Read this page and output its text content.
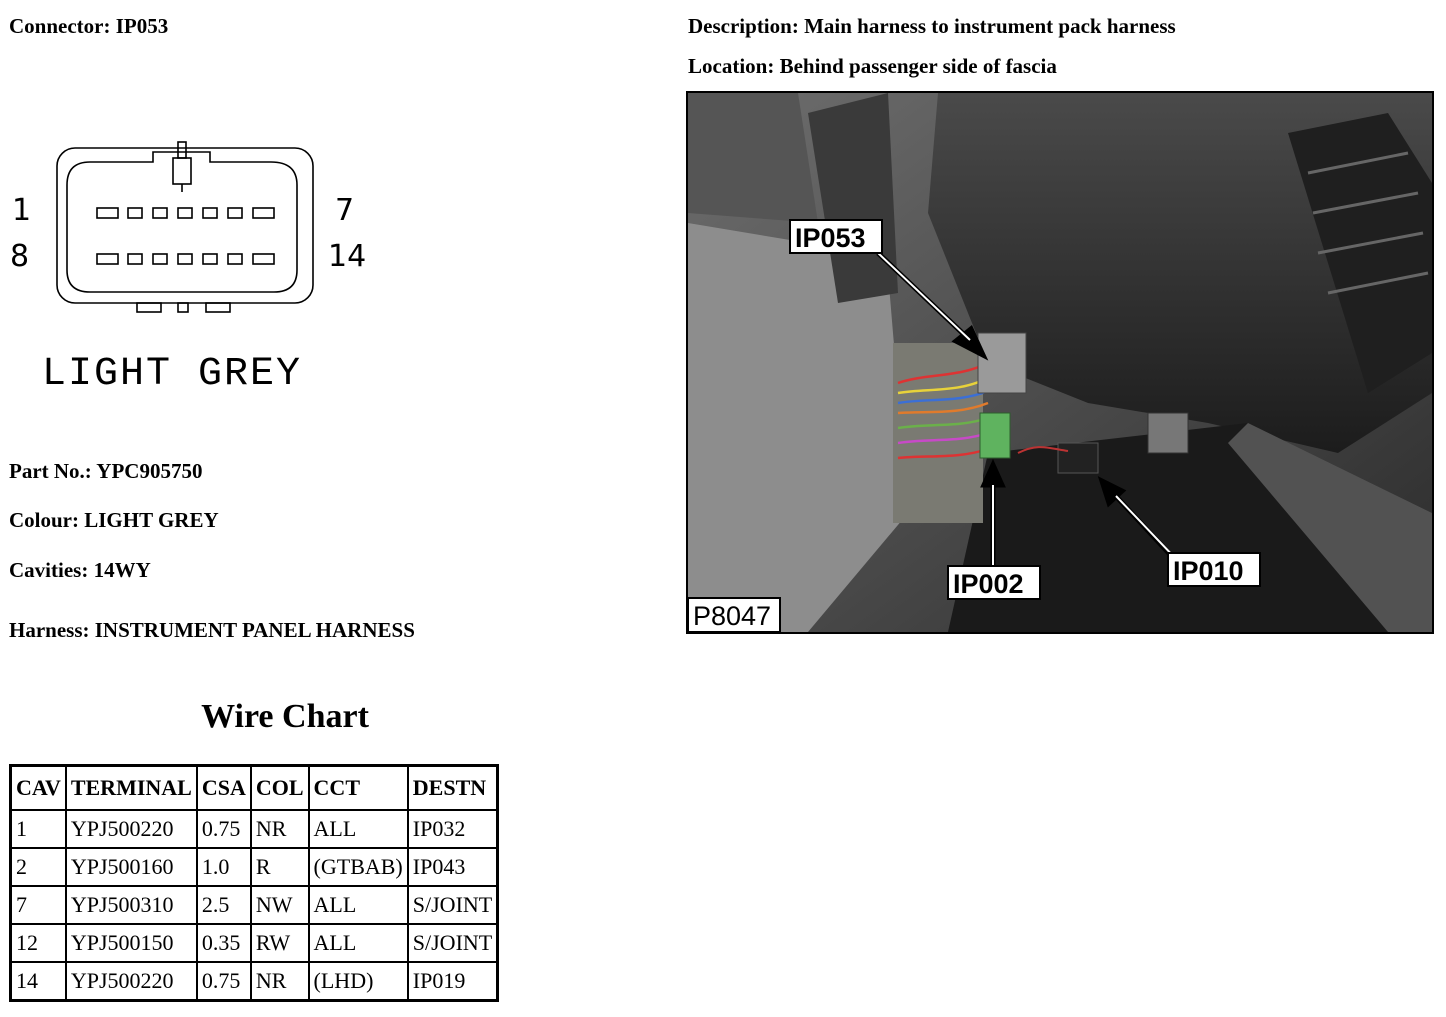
Connector: IP053	Description: Main harness to instrument pack harness
Location: Behind passenger side of fascia
1	7
8	14
LIGHT GREY
Part No.: YPC905750
Colour: LIGHT GREY
Cavities: 14WY
Harness: INSTRUMENT PANEL HARNESS
IP053
IP002	IP010
P8047
Wire Chart
CAV	TERMINAL	CSA	COL	CCT	DESTN
1	YPJ500220	0.75	NR	ALL	IP032
2	YPJ500160	1.0	R	(GTBAB)	IP043
7	YPJ500310	2.5	NW	ALL	S/JOINT
12	YPJ500150	0.35	RW	ALL	S/JOINT
14	YPJ500220	0.75	NR	(LHD)	IP019
